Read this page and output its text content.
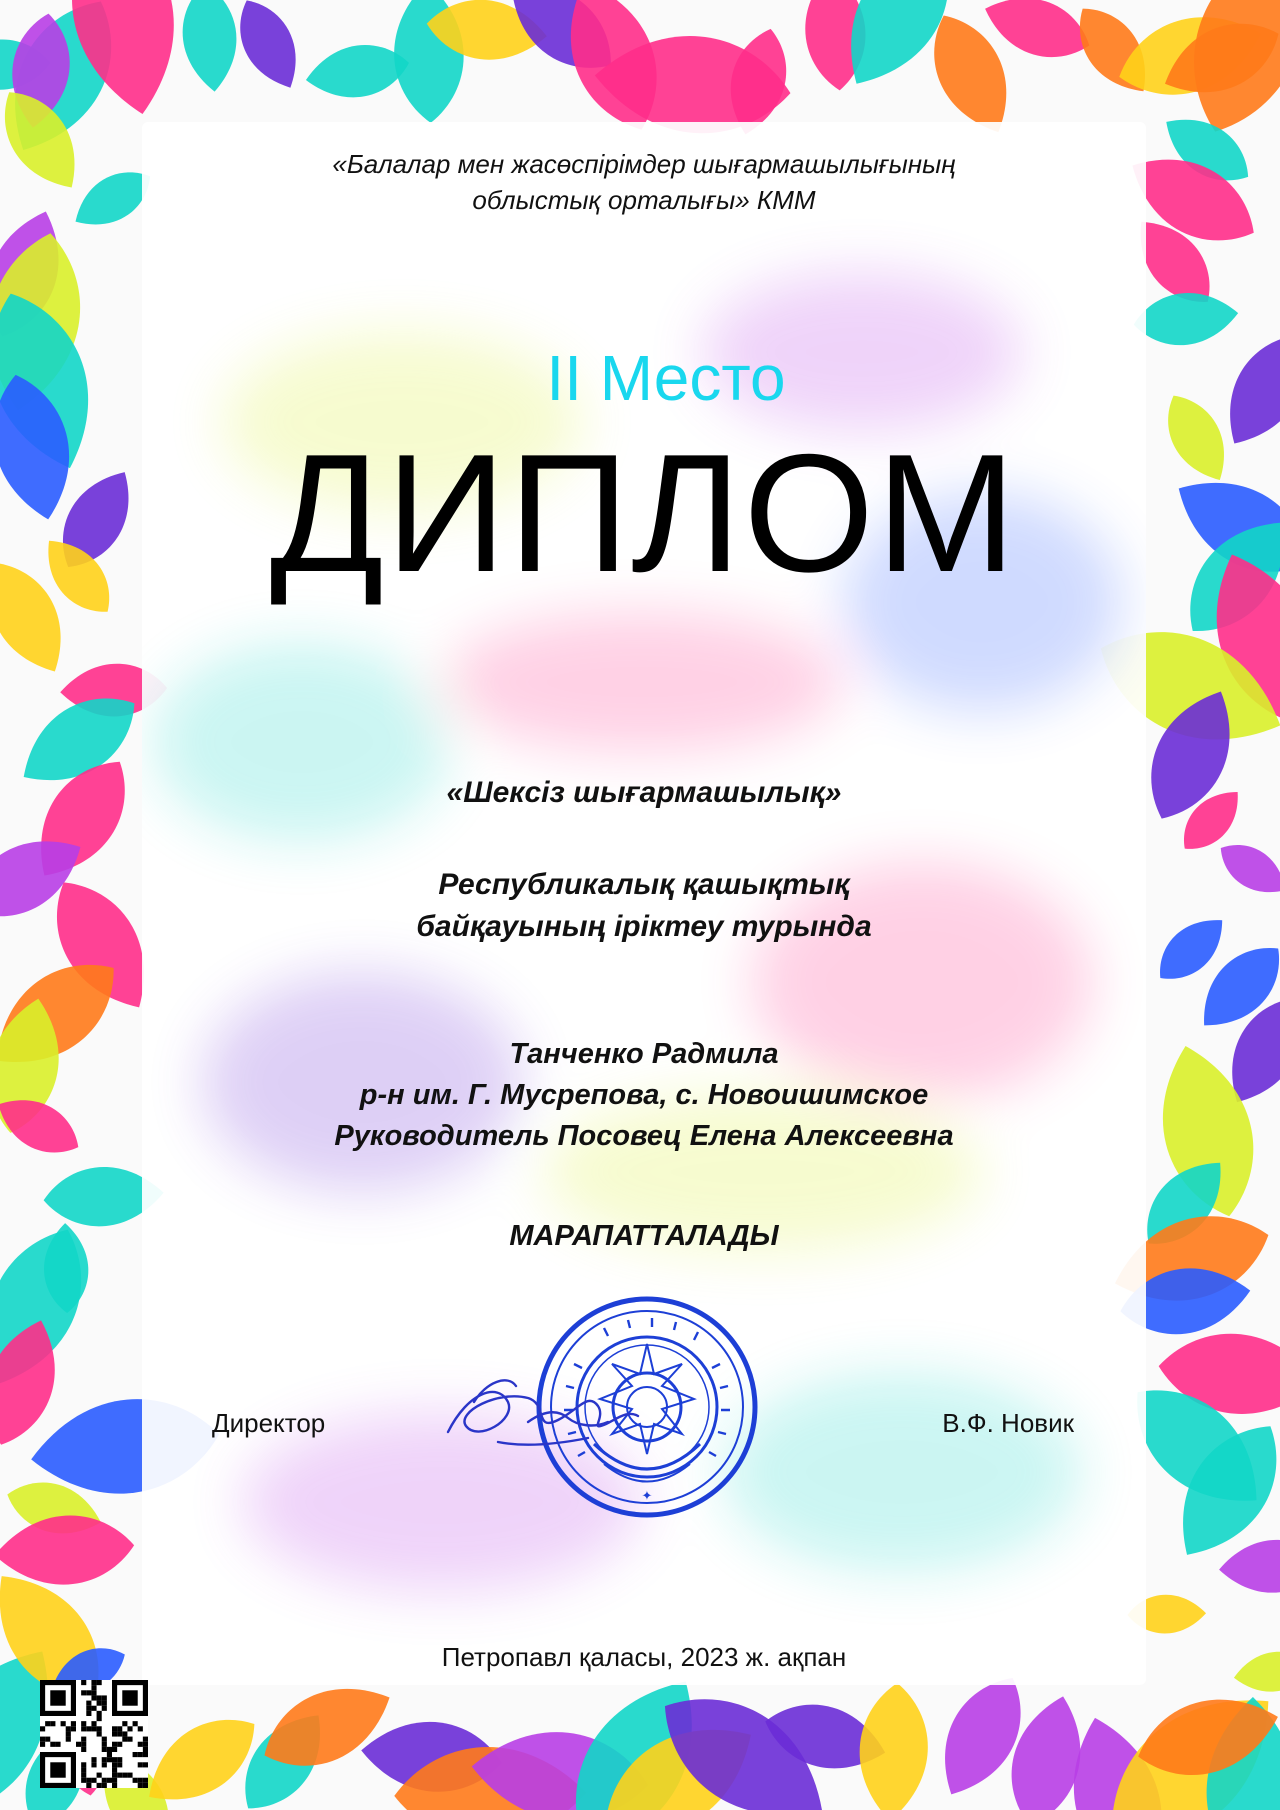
«Балалар мен жасөспірімдер шығармашылығының
облыстық орталығы» КММ
II Место
ДИПЛОМ
«Шексіз шығармашылық»
Республикалық қашықтық
байқауының іріктеу турында
Танченко Радмила
р-н им. Г. Мусрепова, с. Новоишимское
Руководитель Посовец Елена Алексеевна
МАРАПАТТАЛАДЫ
Директор	В.Ф. Новик
✦
Петропавл қаласы, 2023 ж. ақпан
